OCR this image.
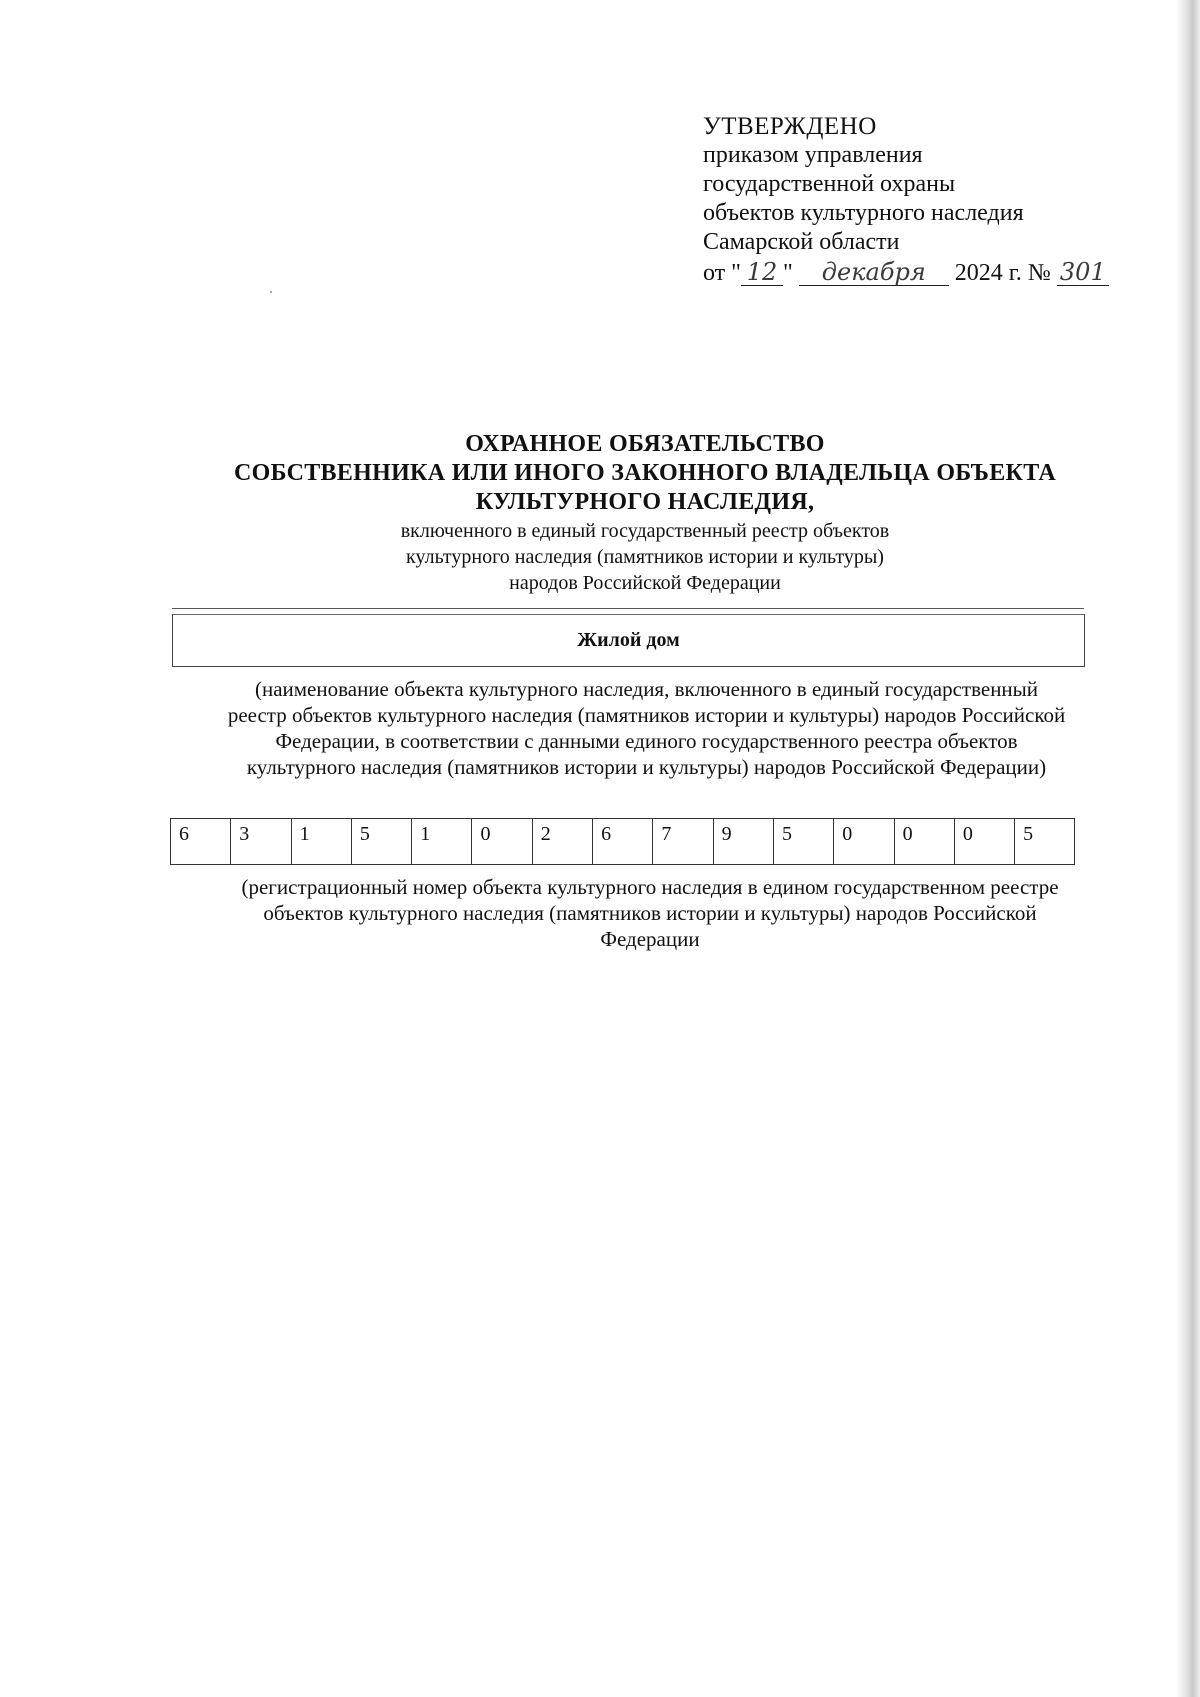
УТВЕРЖДЕНО
приказом управления
государственной охраны
объектов культурного наследия
Самарской области
от " 12 " декабря 2024 г. № 301
ОХРАННОЕ ОБЯЗАТЕЛЬСТВО
СОБСТВЕННИКА ИЛИ ИНОГО ЗАКОННОГО ВЛАДЕЛЬЦА ОБЪЕКТА
КУЛЬТУРНОГО НАСЛЕДИЯ,
включенного в единый государственный реестр объектов
культурного наследия (памятников истории и культуры)
народов Российской Федерации
Жилой дом
(наименование объекта культурного наследия, включенного в единый государственный
реестр объектов культурного наследия (памятников истории и культуры) народов Российской
Федерации, в соответствии с данными единого государственного реестра объектов
культурного наследия (памятников истории и культуры) народов Российской Федерации)
6	3	1	5	1	0	2	6	7	9	5	0	0	0	5
(регистрационный номер объекта культурного наследия в едином государственном реестре
объектов культурного наследия (памятников истории и культуры) народов Российской
Федерации
